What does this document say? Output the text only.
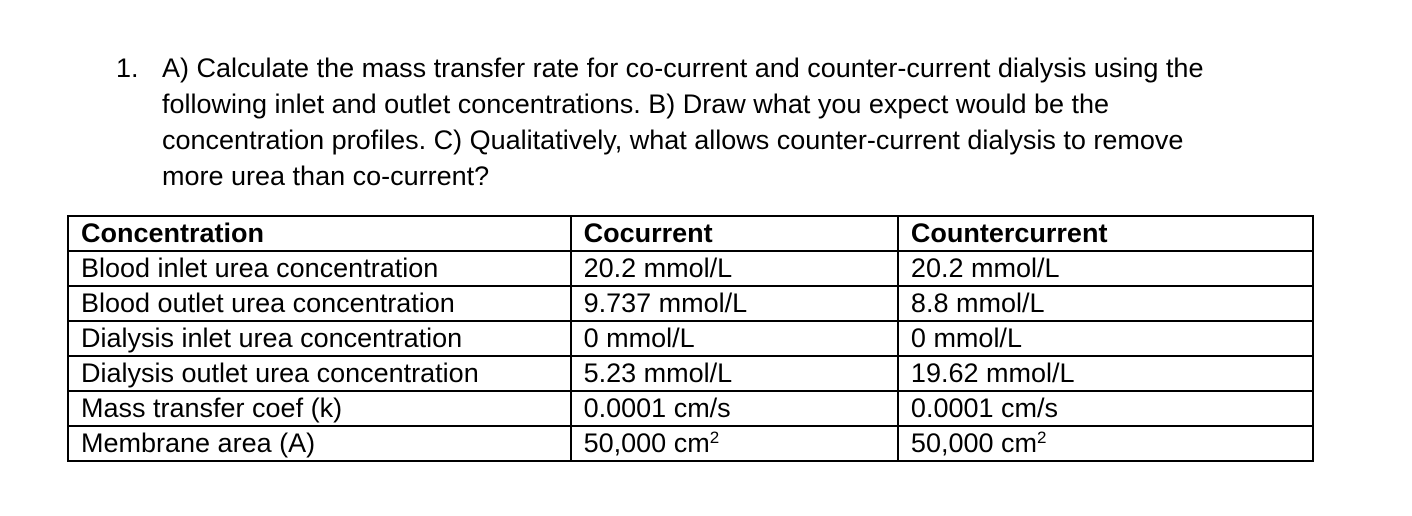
1. A) Calculate the mass transfer rate for co-current and counter-current dialysis using the
following inlet and outlet concentrations. B) Draw what you expect would be the
concentration profiles. C) Qualitatively, what allows counter-current dialysis to remove
more urea than co-current?
Concentration	Cocurrent	Countercurrent
Blood inlet urea concentration	20.2 mmol/L	20.2 mmol/L
Blood outlet urea concentration	9.737 mmol/L	8.8 mmol/L
Dialysis inlet urea concentration	0 mmol/L	0 mmol/L
Dialysis outlet urea concentration	5.23 mmol/L	19.62 mmol/L
Mass transfer coef (k)	0.0001 cm/s	0.0001 cm/s
Membrane area (A)	50,000 $cm^2$	50,000 $cm^2$
